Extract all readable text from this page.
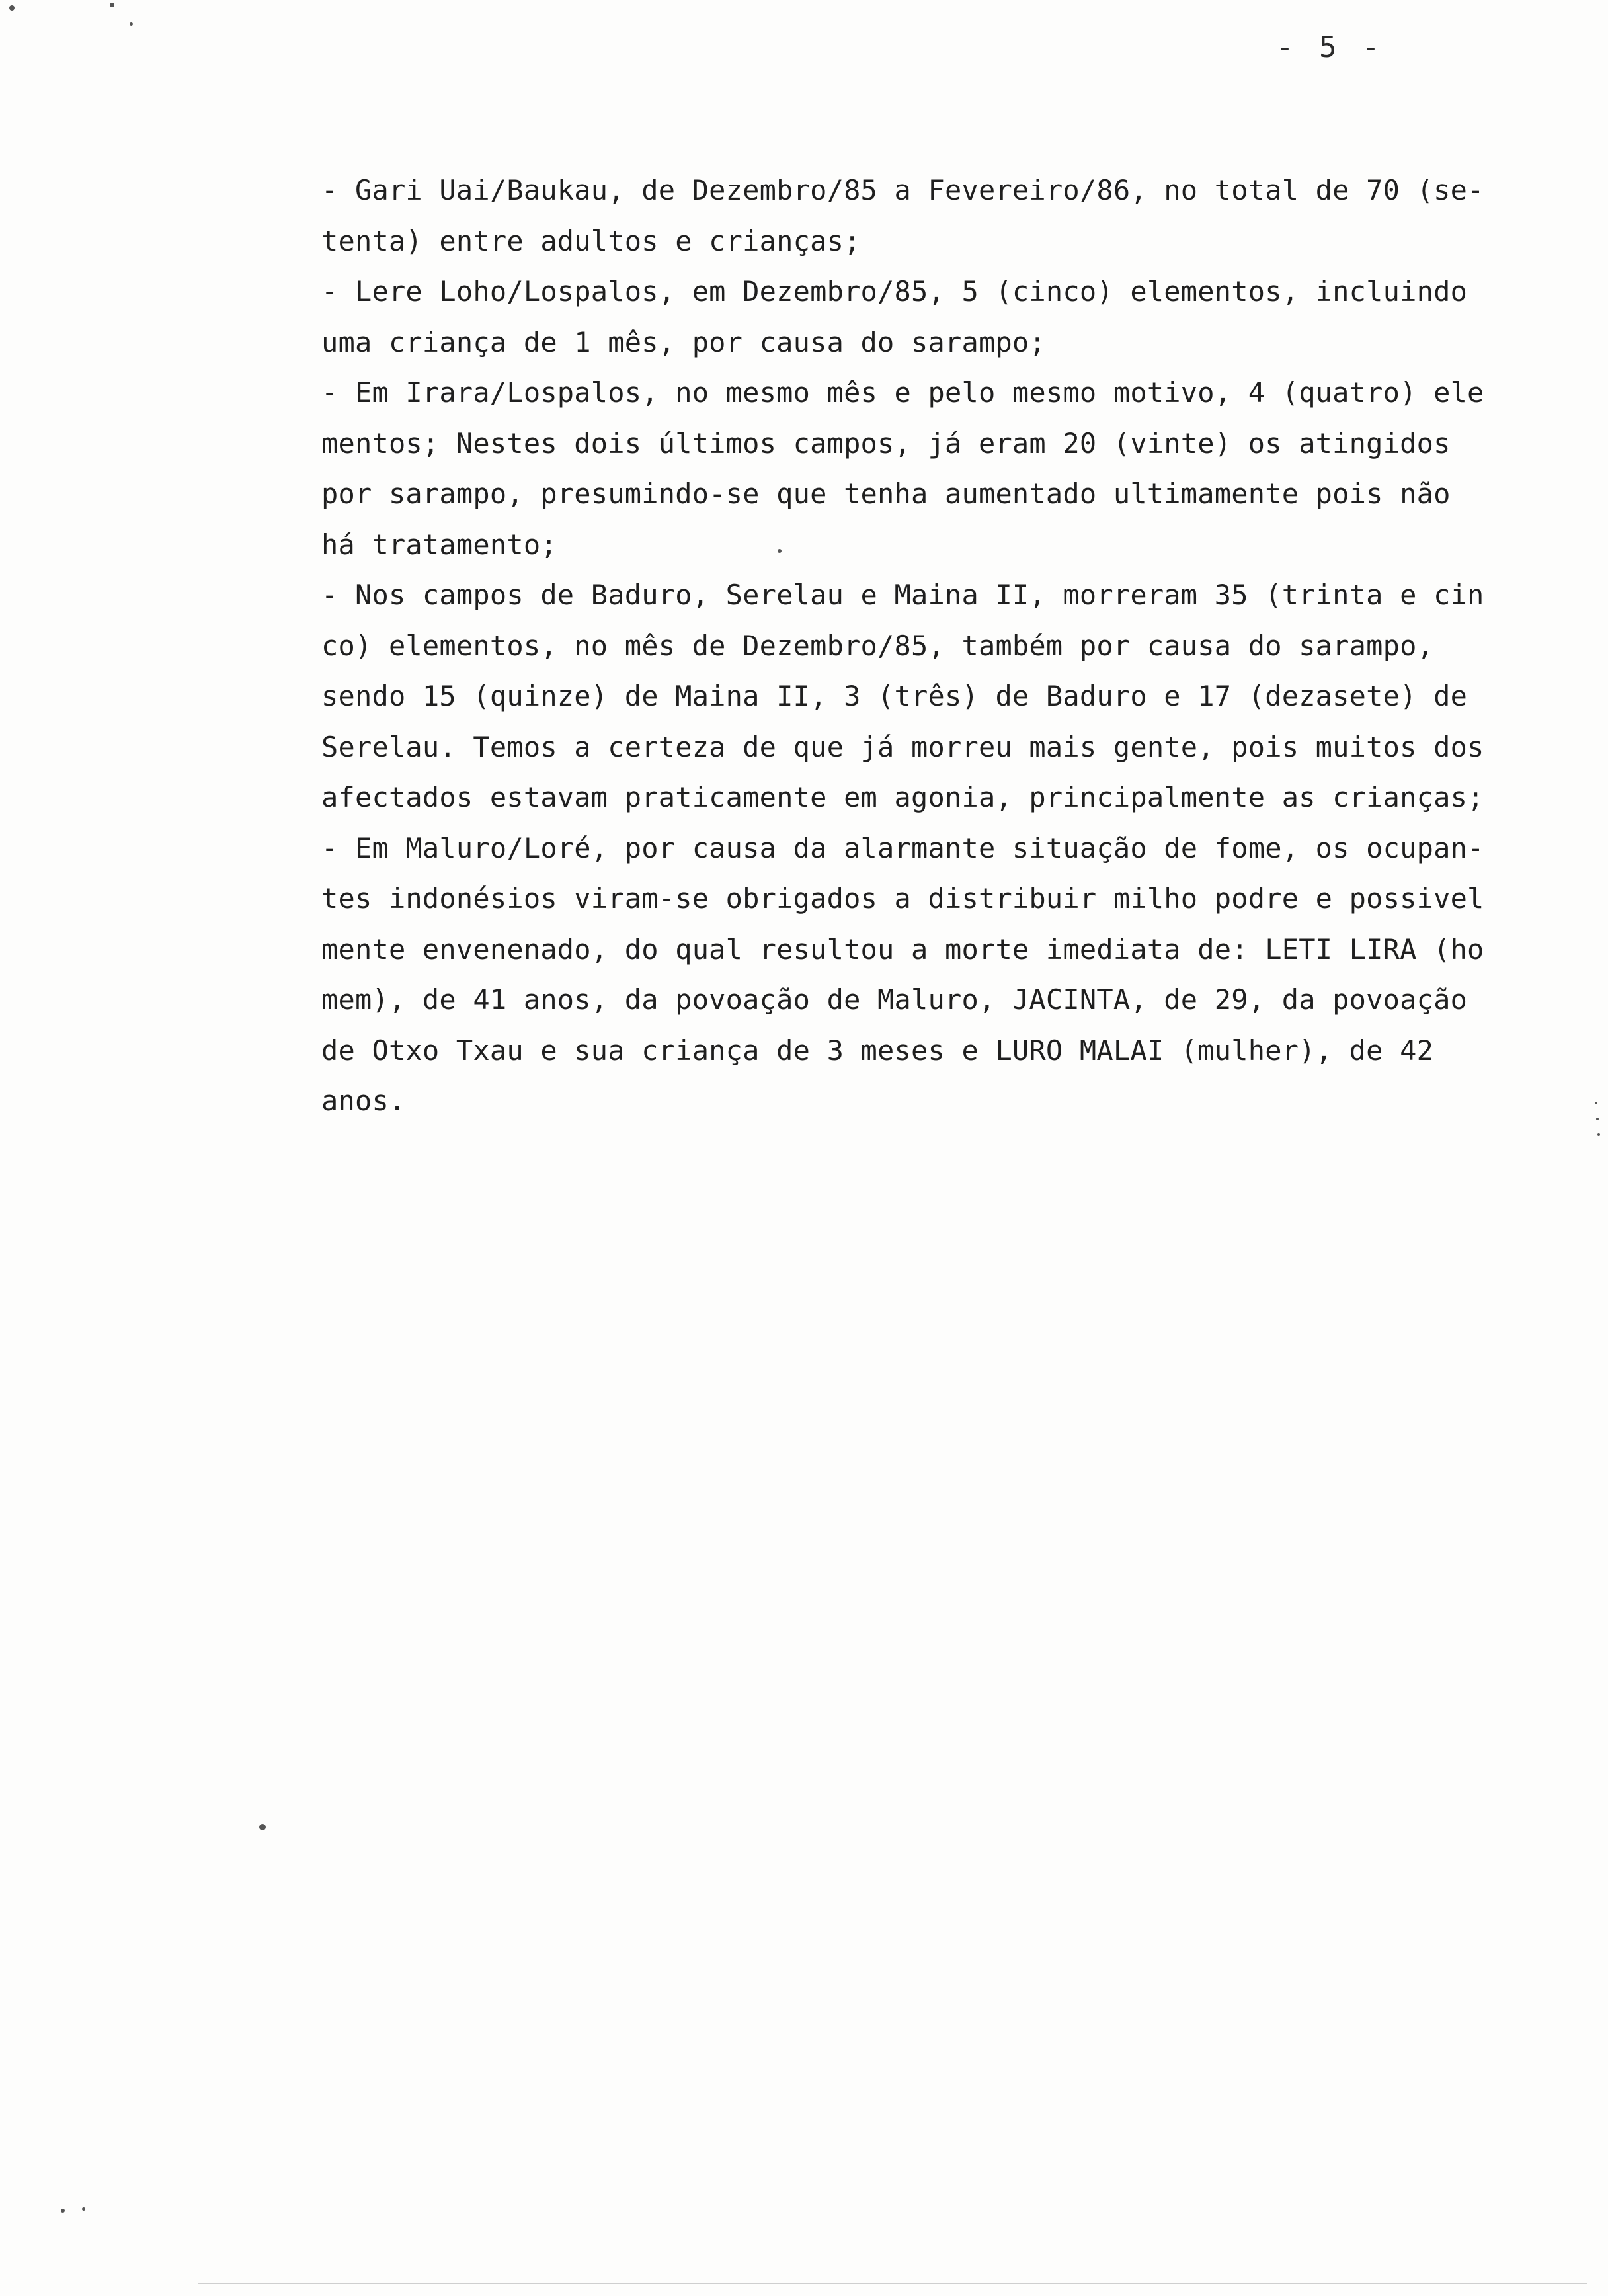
- 5 -
- Gari Uai/Baukau, de Dezembro/85 a Fevereiro/86, no total de 70 (se-
tenta) entre adultos e crianças;
- Lere Loho/Lospalos, em Dezembro/85, 5 (cinco) elementos, incluindo
uma criança de 1 mês, por causa do sarampo;
- Em Irara/Lospalos, no mesmo mês e pelo mesmo motivo, 4 (quatro) ele
mentos; Nestes dois últimos campos, já eram 20 (vinte) os atingidos
por sarampo, presumindo-se que tenha aumentado ultimamente pois não
há tratamento;
- Nos campos de Baduro, Serelau e Maina II, morreram 35 (trinta e cin
co) elementos, no mês de Dezembro/85, também por causa do sarampo,
sendo 15 (quinze) de Maina II, 3 (três) de Baduro e 17 (dezasete) de
Serelau. Temos a certeza de que já morreu mais gente, pois muitos dos
afectados estavam praticamente em agonia, principalmente as crianças;
- Em Maluro/Loré, por causa da alarmante situação de fome, os ocupan-
tes indonésios viram-se obrigados a distribuir milho podre e possivel
mente envenenado, do qual resultou a morte imediata de: LETI LIRA (ho
mem), de 41 anos, da povoação de Maluro, JACINTA, de 29, da povoação
de Otxo Txau e sua criança de 3 meses e LURO MALAI (mulher), de 42
anos.
